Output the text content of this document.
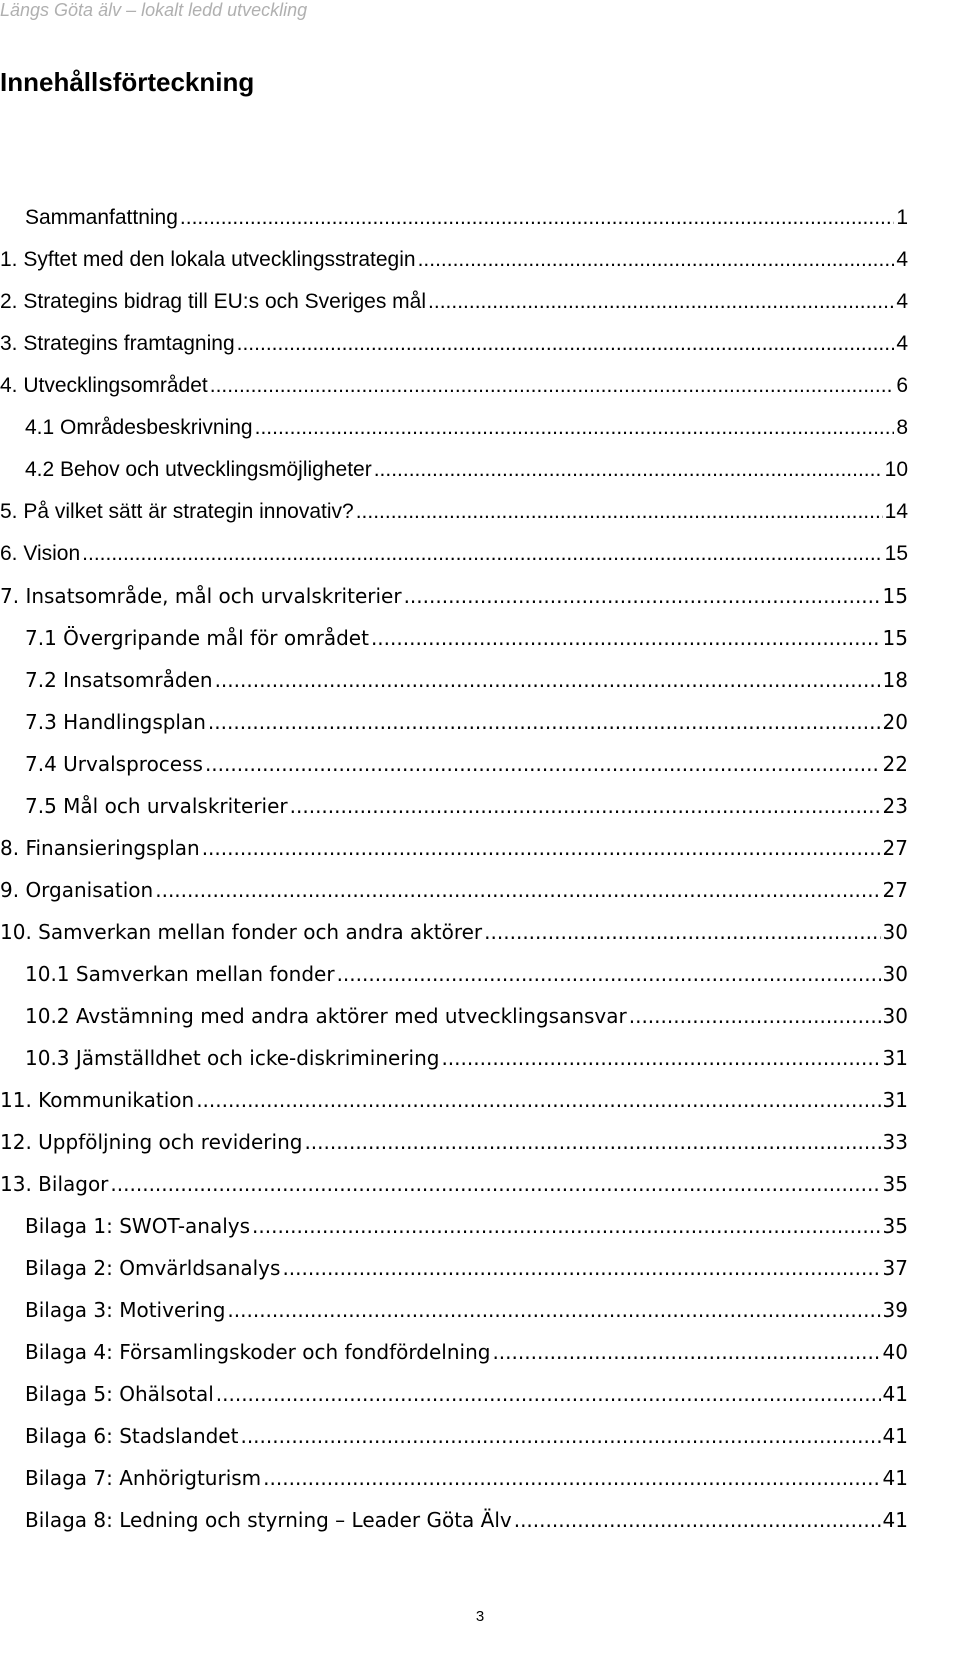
Längs Göta älv – lokalt ledd utveckling
Innehållsförteckning
Sammanfattning .....	1
1. Syftet med den lokala utvecklingsstrategin .....	4
2. Strategins bidrag till EU:s och Sveriges mål .....	4
3. Strategins framtagning .....	4
4. Utvecklingsområdet .....	6
4.1 Områdesbeskrivning .....	8
4.2 Behov och utvecklingsmöjligheter .....	10
5. På vilket sätt är strategin innovativ? .....	14
6. Vision .....	15
7. Insatsområde, mål och urvalskriterier .....	15
7.1 Övergripande mål för området .....	15
7.2 Insatsområden .....	18
7.3 Handlingsplan .....	20
7.4 Urvalsprocess .....	22
7.5 Mål och urvalskriterier .....	23
8. Finansieringsplan .....	27
9. Organisation .....	27
10. Samverkan mellan fonder och andra aktörer .....	30
10.1 Samverkan mellan fonder .....	30
10.2 Avstämning med andra aktörer med utvecklingsansvar .....	30
10.3 Jämställdhet och icke-diskriminering .....	31
11. Kommunikation .....	31
12. Uppföljning och revidering .....	33
13. Bilagor .....	35
Bilaga 1: SWOT-analys .....	35
Bilaga 2: Omvärldsanalys .....	37
Bilaga 3: Motivering .....	39
Bilaga 4: Församlingskoder och fondfördelning .....	40
Bilaga 5: Ohälsotal .....	41
Bilaga 6: Stadslandet .....	41
Bilaga 7: Anhörigturism .....	41
Bilaga 8: Ledning och styrning – Leader Göta Älv .....	41
3
